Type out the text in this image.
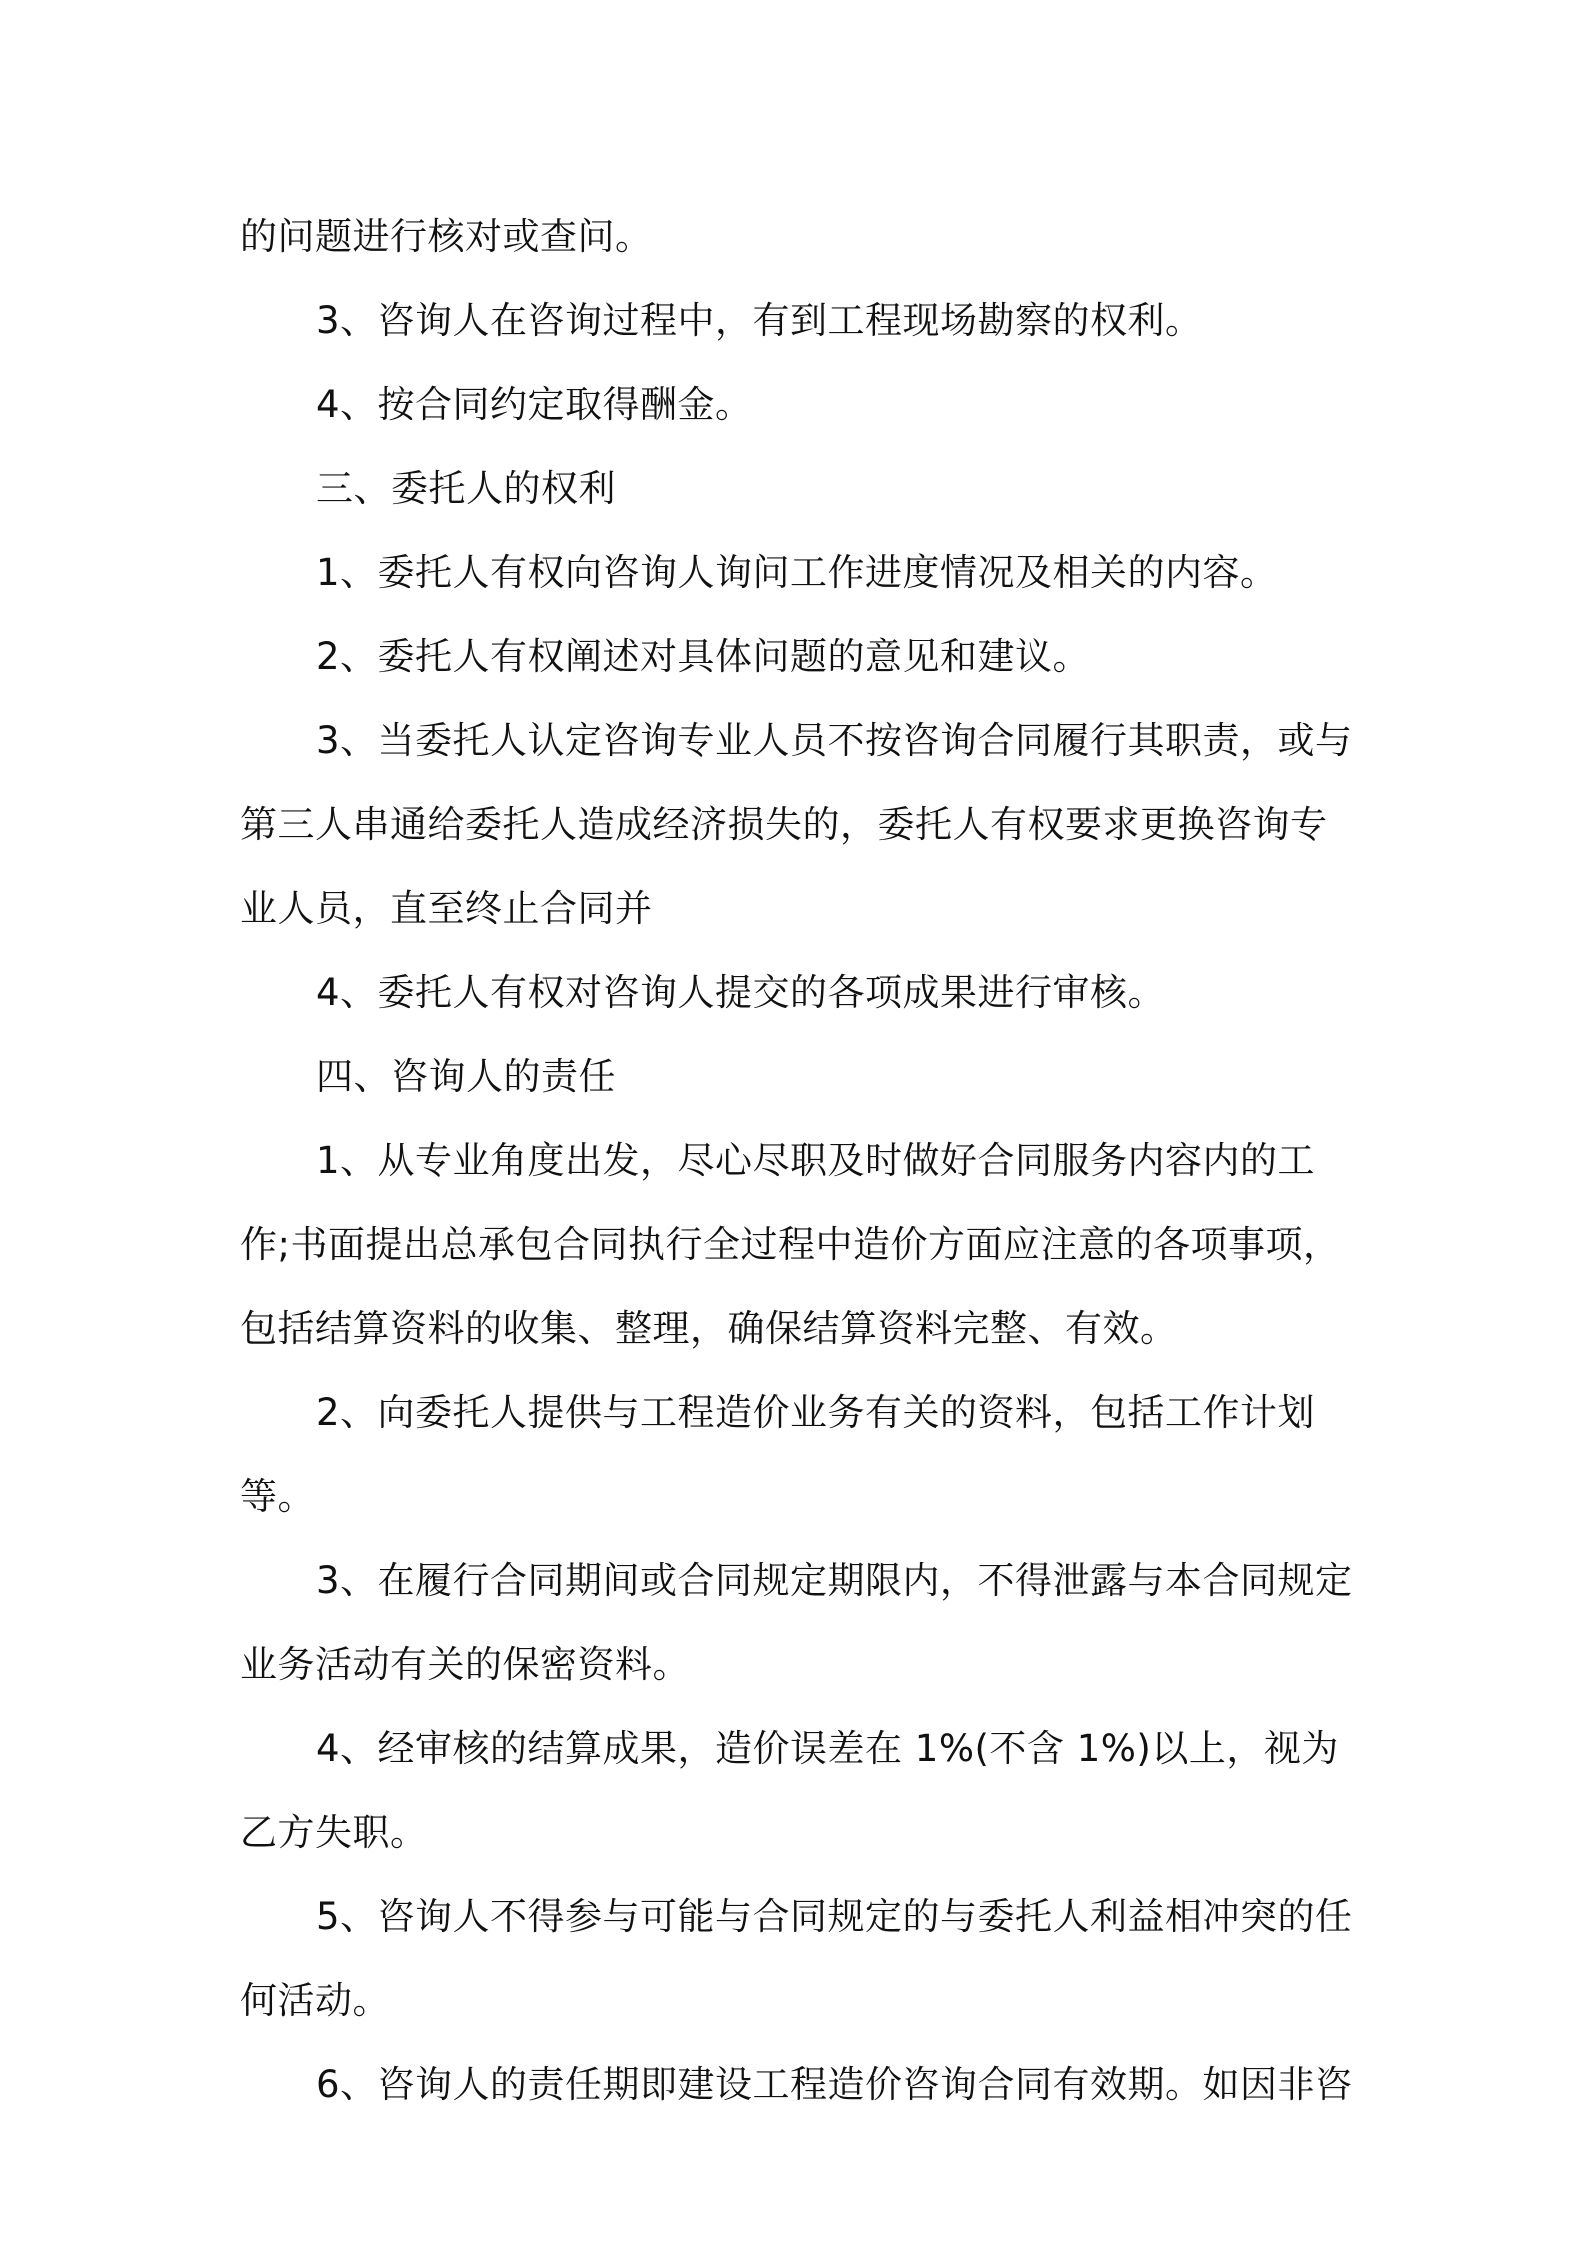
的问题进行核对或查问。

3、咨询人在咨询过程中，有到工程现场勘察的权利。

4、按合同约定取得酬金。

三、委托人的权利

1、委托人有权向咨询人询问工作进度情况及相关的内容。

2、委托人有权阐述对具体问题的意见和建议。

3、当委托人认定咨询专业人员不按咨询合同履行其职责，或与第三人串通给委托人造成经济损失的，委托人有权要求更换咨询专业人员，直至终止合同并

4、委托人有权对咨询人提交的各项成果进行审核。

四、咨询人的责任

1、从专业角度出发，尽心尽职及时做好合同服务内容内的工作;书面提出总承包合同执行全过程中造价方面应注意的各项事项，包括结算资料的收集、整理，确保结算资料完整、有效。

2、向委托人提供与工程造价业务有关的资料，包括工作计划等。

3、在履行合同期间或合同规定期限内，不得泄露与本合同规定业务活动有关的保密资料。

4、经审核的结算成果，造价误差在 1%(不含 1%)以上，视为乙方失职。

5、咨询人不得参与可能与合同规定的与委托人利益相冲突的任何活动。

6、咨询人的责任期即建设工程造价咨询合同有效期。如因非咨
